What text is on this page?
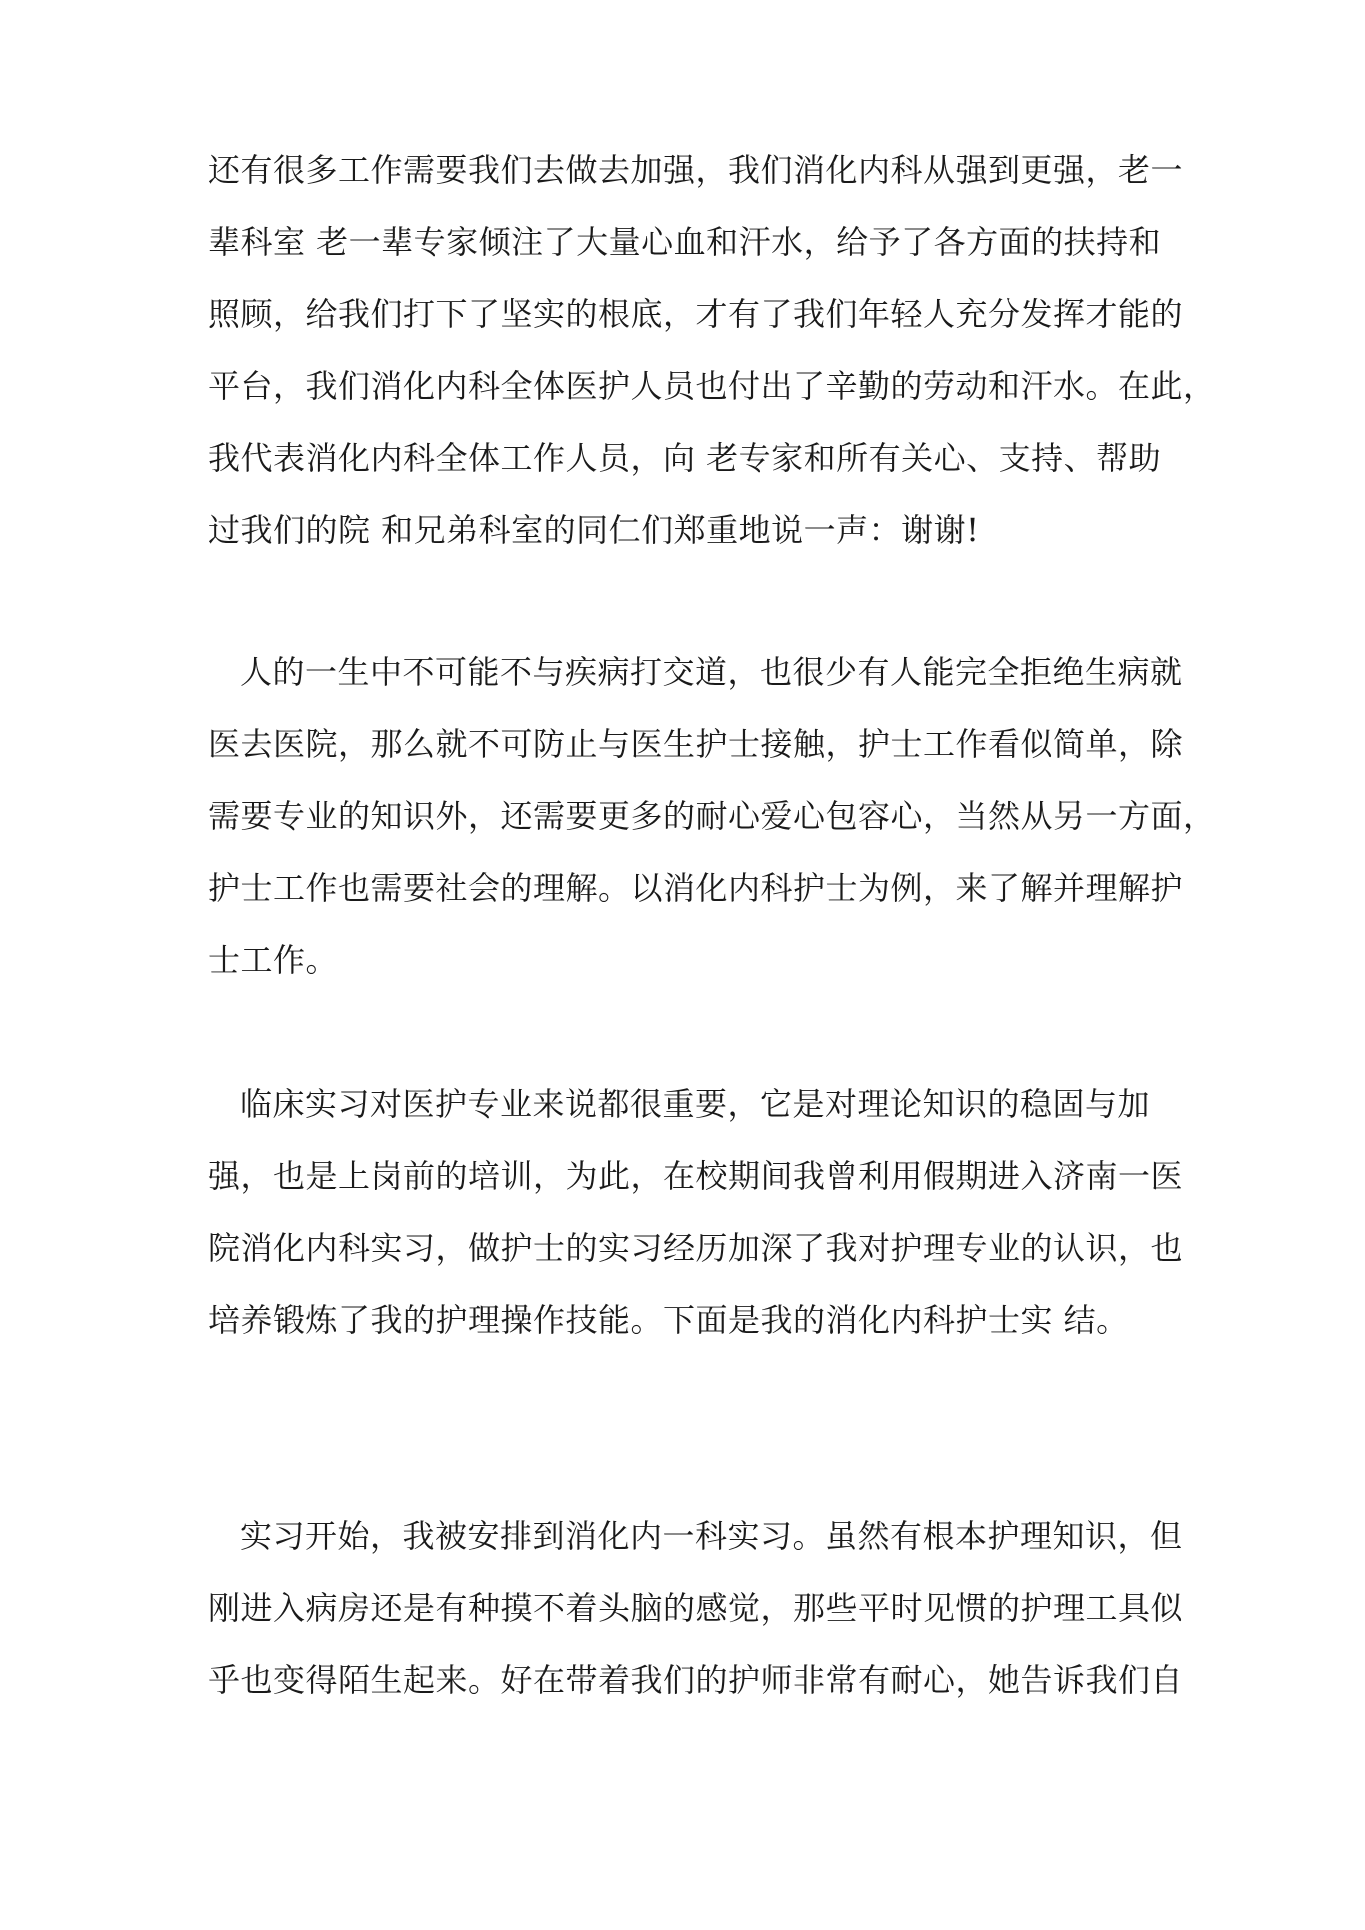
还有很多工作需要我们去做去加强，我们消化内科从强到更强，老一
辈科室 老一辈专家倾注了大量心血和汗水，给予了各方面的扶持和
照顾，给我们打下了坚实的根底，才有了我们年轻人充分发挥才能的
平台，我们消化内科全体医护人员也付出了辛勤的劳动和汗水。在此，
我代表消化内科全体工作人员，向 老专家和所有关心、支持、帮助
过我们的院 和兄弟科室的同仁们郑重地说一声：谢谢!
人的一生中不可能不与疾病打交道，也很少有人能完全拒绝生病就
医去医院，那么就不可防止与医生护士接触，护士工作看似简单，除
需要专业的知识外，还需要更多的耐心爱心包容心，当然从另一方面，
护士工作也需要社会的理解。以消化内科护士为例，来了解并理解护
士工作。
临床实习对医护专业来说都很重要，它是对理论知识的稳固与加
强，也是上岗前的培训，为此，在校期间我曾利用假期进入济南一医
院消化内科实习，做护士的实习经历加深了我对护理专业的认识，也
培养锻炼了我的护理操作技能。下面是我的消化内科护士实 结。
实习开始，我被安排到消化内一科实习。虽然有根本护理知识，但
刚进入病房还是有种摸不着头脑的感觉，那些平时见惯的护理工具似
乎也变得陌生起来。好在带着我们的护师非常有耐心，她告诉我们自
